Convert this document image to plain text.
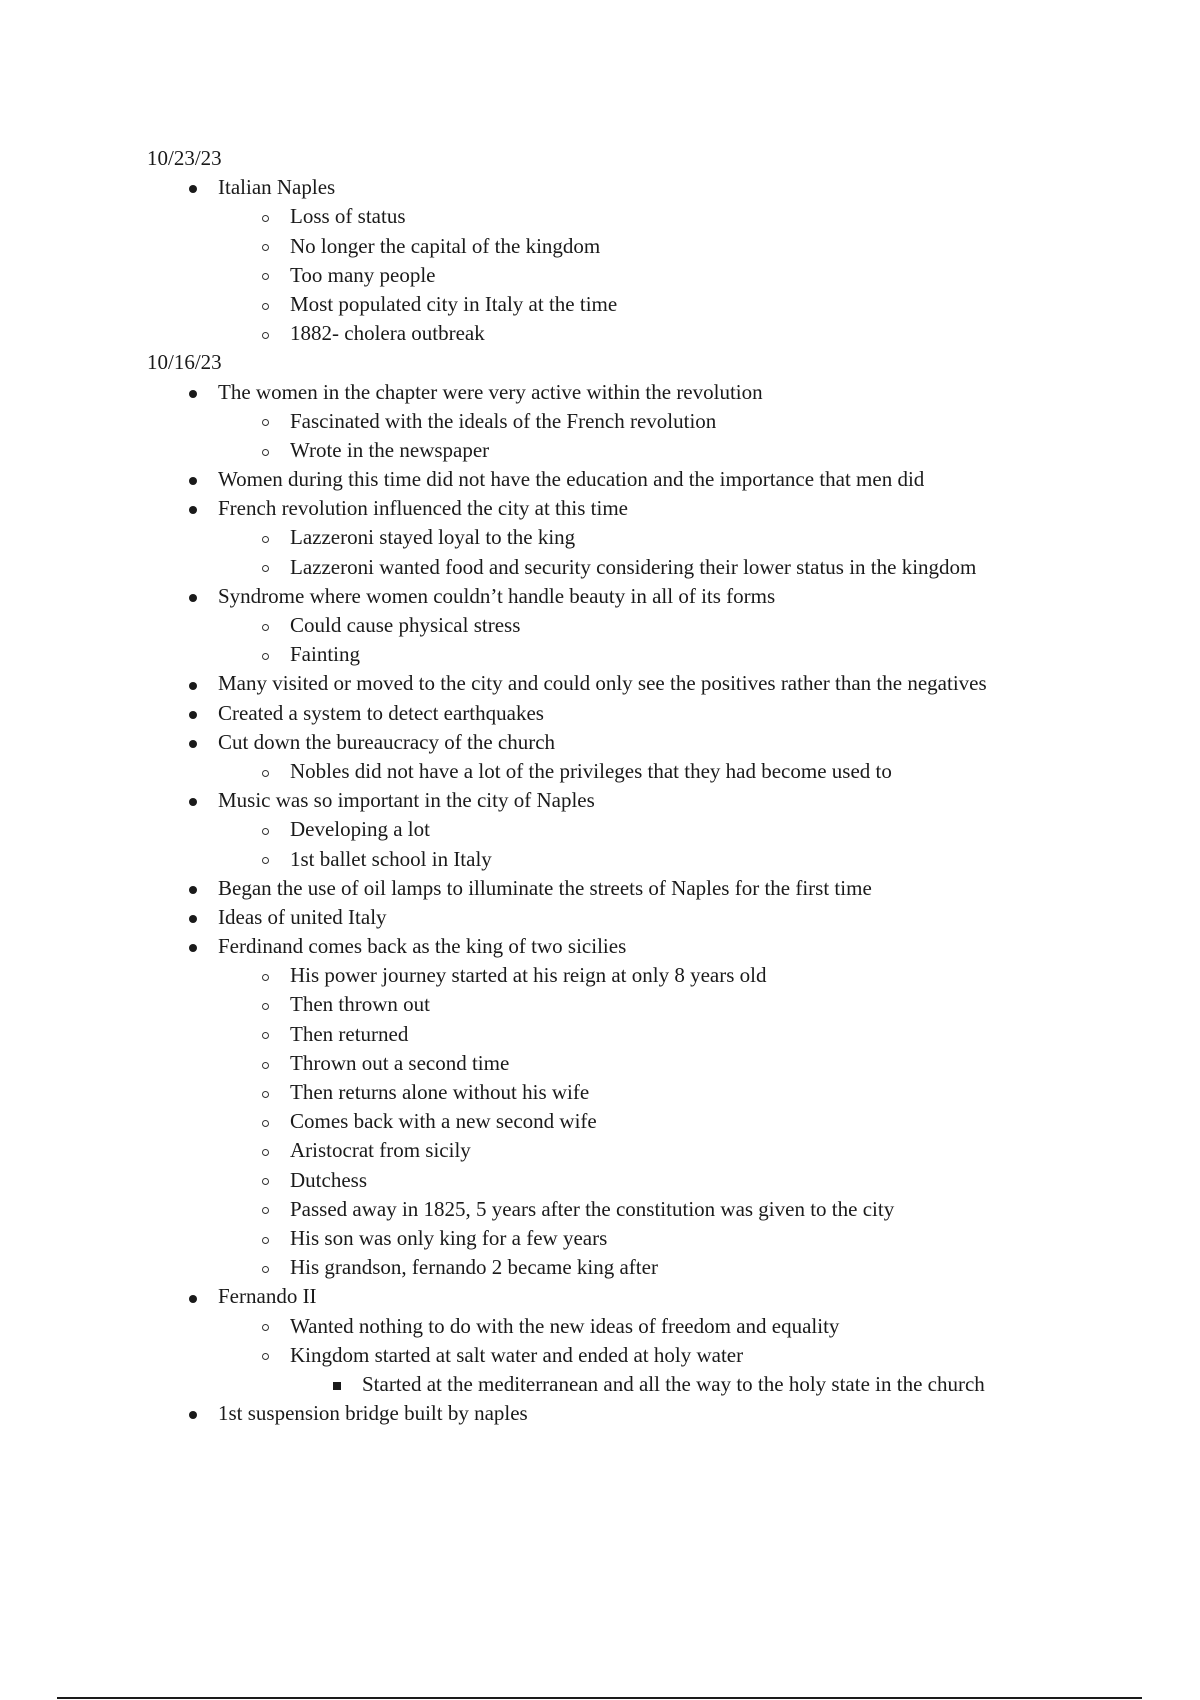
10/23/23
Italian Naples
Loss of status
No longer the capital of the kingdom
Too many people
Most populated city in Italy at the time
1882- cholera outbreak
10/16/23
The women in the chapter were very active within the revolution
Fascinated with the ideals of the French revolution
Wrote in the newspaper
Women during this time did not have the education and the importance that men did
French revolution influenced the city at this time
Lazzeroni stayed loyal to the king
Lazzeroni wanted food and security considering their lower status in the kingdom
Syndrome where women couldn’t handle beauty in all of its forms
Could cause physical stress
Fainting
Many visited or moved to the city and could only see the positives rather than the negatives
Created a system to detect earthquakes
Cut down the bureaucracy of the church
Nobles did not have a lot of the privileges that they had become used to
Music was so important in the city of Naples
Developing a lot
1st ballet school in Italy
Began the use of oil lamps to illuminate the streets of Naples for the first time
Ideas of united Italy
Ferdinand comes back as the king of two sicilies
His power journey started at his reign at only 8 years old
Then thrown out
Then returned
Thrown out a second time
Then returns alone without his wife
Comes back with a new second wife
Aristocrat from sicily
Dutchess
Passed away in 1825, 5 years after the constitution was given to the city
His son was only king for a few years
His grandson, fernando 2 became king after
Fernando II
Wanted nothing to do with the new ideas of freedom and equality
Kingdom started at salt water and ended at holy water
Started at the mediterranean and all the way to the holy state in the church
1st suspension bridge built by naples
